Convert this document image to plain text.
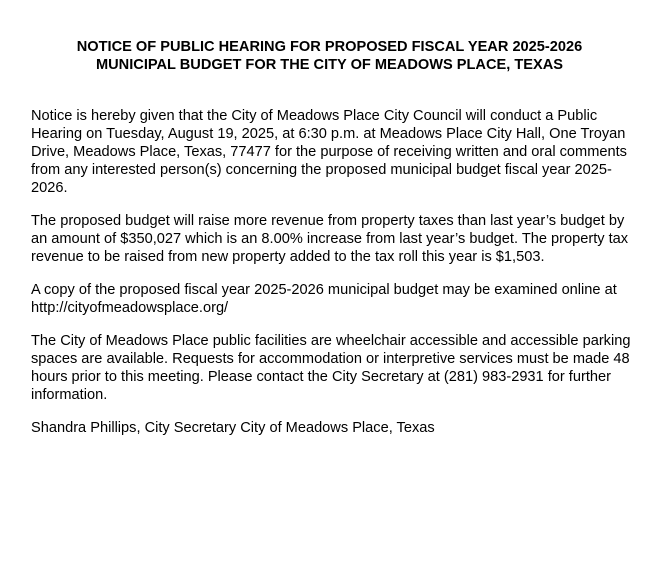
NOTICE OF PUBLIC HEARING FOR PROPOSED FISCAL YEAR 2025-2026
MUNICIPAL BUDGET FOR THE CITY OF MEADOWS PLACE, TEXAS

Notice is hereby given that the City of Meadows Place City Council will conduct a Public Hearing on Tuesday, August 19, 2025, at 6:30 p.m. at Meadows Place City Hall, One Troyan Drive, Meadows Place, Texas, 77477 for the purpose of receiving written and oral comments from any interested person(s) concerning the proposed municipal budget fiscal year 2025-2026.

The proposed budget will raise more revenue from property taxes than last year’s budget by an amount of $350,027 which is an 8.00% increase from last year’s budget. The property tax revenue to be raised from new property added to the tax roll this year is $1,503.

A copy of the proposed fiscal year 2025-2026 municipal budget may be examined online at http://cityofmeadowsplace.org/

The City of Meadows Place public facilities are wheelchair accessible and accessible parking spaces are available. Requests for accommodation or interpretive services must be made 48 hours prior to this meeting. Please contact the City Secretary at (281) 983-2931 for further information.

Shandra Phillips, City Secretary City of Meadows Place, Texas
